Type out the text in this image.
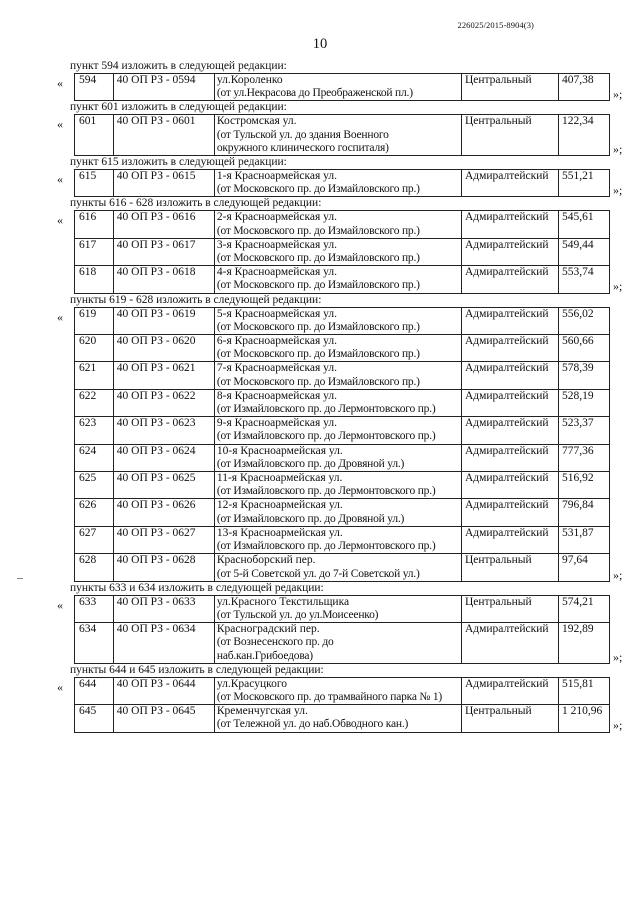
226025/2015-8904(3)
10
пункт 594 изложить в следующей редакции:
« 594	40 ОП РЗ - 0594	ул.Короленко
(от ул.Некрасова до Преображенской пл.)
	Центральный	407,38
»;
пункт 601 изложить в следующей редакции:
« 601	40 ОП РЗ - 0601	Костромская ул.
(от Тульской ул. до здания Военного
окружного клинического госпиталя)
	Центральный	122,34
»;
пункт 615 изложить в следующей редакции:
« 615	40 ОП РЗ - 0615	1-я Красноармейская ул.
(от Московского пр. до Измайловского пр.)
	Адмиралтейский	551,21
»;
пункты 616 - 628 изложить в следующей редакции:
« 616	40 ОП РЗ - 0616	2-я Красноармейская ул.
(от Московского пр. до Измайловского пр.)	Адмиралтейский	545,61
617	40 ОП РЗ - 0617	3-я Красноармейская ул.
(от Московского пр. до Измайловского пр.)	Адмиралтейский	549,44
618	40 ОП РЗ - 0618	4-я Красноармейская ул.
(от Московского пр. до Измайловского пр.)	Адмиралтейский	553,74
»;
пункты 619 - 628 изложить в следующей редакции:
« 619	40 ОП РЗ - 0619	5-я Красноармейская ул.
(от Московского пр. до Измайловского пр.)	Адмиралтейский	556,02
620	40 ОП РЗ - 0620	6-я Красноармейская ул.
(от Московского пр. до Измайловского пр.)	Адмиралтейский	560,66
621	40 ОП РЗ - 0621	7-я Красноармейская ул.
(от Московского пр. до Измайловского пр.)	Адмиралтейский	578,39
622	40 ОП РЗ - 0622	8-я Красноармейская ул.
(от Измайловского пр. до Лермонтовского пр.)	Адмиралтейский	528,19
623	40 ОП РЗ - 0623	9-я Красноармейская ул.
(от Измайловского пр. до Лермонтовского пр.)	Адмиралтейский	523,37
624	40 ОП РЗ - 0624	10-я Красноармейская ул.
(от Измайловского пр. до Дровяной ул.)	Адмиралтейский	777,36
625	40 ОП РЗ - 0625	11-я Красноармейская ул.
(от Измайловского пр. до Лермонтовского пр.)	Адмиралтейский	516,92
626	40 ОП РЗ - 0626	12-я Красноармейская ул.
(от Измайловского пр. до Дровяной ул.)	Адмиралтейский	796,84
627	40 ОП РЗ - 0627	13-я Красноармейская ул.
(от Измайловского пр. до Лермонтовского пр.)	Адмиралтейский	531,87
628	40 ОП РЗ - 0628	Красноборский пер.
(от 5-й Советской ул. до 7-й Советской ул.)	Центральный	97,64
»;
пункты 633 и 634 изложить в следующей редакции:
« 633	40 ОП РЗ - 0633	ул.Красного Текстильщика
(от Тульской ул. до ул.Моисеенко)	Центральный	574,21
634	40 ОП РЗ - 0634	Красноградский пер.
(от Вознесенского пр. до
наб.кан.Грибоедова)	Адмиралтейский	192,89
»;
пункты 644 и 645 изложить в следующей редакции:
« 644	40 ОП РЗ - 0644	ул.Красуцкого
(от Московского пр. до трамвайного парка № 1)	Адмиралтейский	515,81
645	40 ОП РЗ - 0645	Кременчугская ул.
(от Тележной ул. до наб.Обводного кан.)	Центральный	1 210,96
»;
